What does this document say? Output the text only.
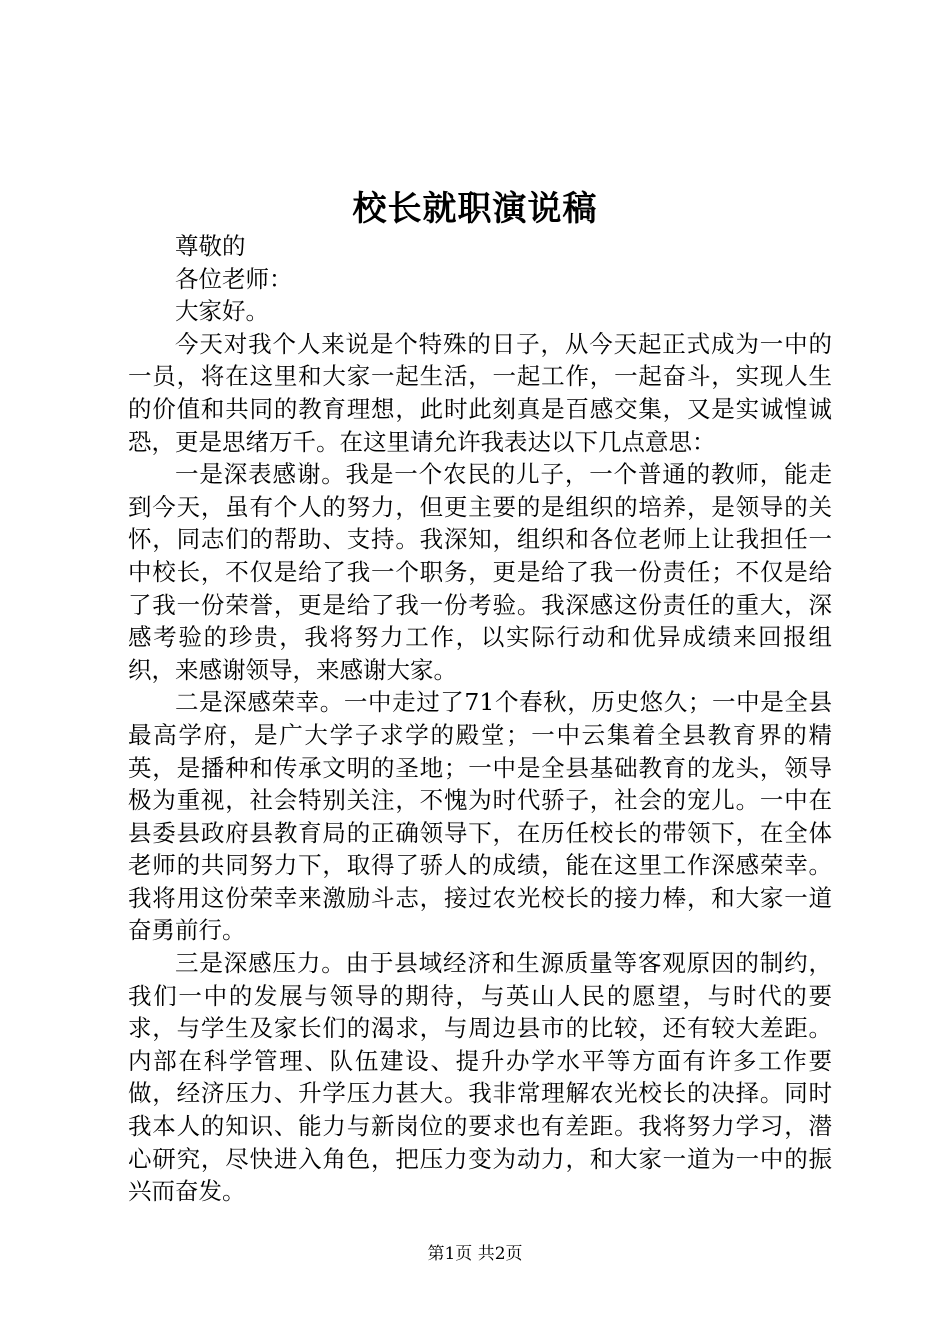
校长就职演说稿

尊敬的

各位老师：

大家好。

今天对我个人来说是个特殊的日子，从今天起正式成为一中的一员，将在这里和大家一起生活，一起工作，一起奋斗，实现人生的价值和共同的教育理想，此时此刻真是百感交集，又是实诚惶诚恐，更是思绪万千。在这里请允许我表达以下几点意思：

一是深表感谢。我是一个农民的儿子，一个普通的教师，能走到今天，虽有个人的努力，但更主要的是组织的培养，是领导的关怀，同志们的帮助、支持。我深知，组织和各位老师上让我担任一中校长，不仅是给了我一个职务，更是给了我一份责任；不仅是给了我一份荣誉，更是给了我一份考验。我深感这份责任的重大，深感考验的珍贵，我将努力工作，以实际行动和优异成绩来回报组织，来感谢领导，来感谢大家。

二是深感荣幸。一中走过了71个春秋，历史悠久；一中是全县最高学府，是广大学子求学的殿堂；一中云集着全县教育界的精英，是播种和传承文明的圣地；一中是全县基础教育的龙头，领导极为重视，社会特别关注，不愧为时代骄子，社会的宠儿。一中在县委县政府县教育局的正确领导下，在历任校长的带领下，在全体老师的共同努力下，取得了骄人的成绩，能在这里工作深感荣幸。我将用这份荣幸来激励斗志，接过农光校长的接力棒，和大家一道奋勇前行。

三是深感压力。由于县域经济和生源质量等客观原因的制约，我们一中的发展与领导的期待，与英山人民的愿望，与时代的要求，与学生及家长们的渴求，与周边县市的比较，还有较大差距。内部在科学管理、队伍建设、提升办学水平等方面有许多工作要做，经济压力、升学压力甚大。我非常理解农光校长的决择。同时我本人的知识、能力与新岗位的要求也有差距。我将努力学习，潜心研究，尽快进入角色，把压力变为动力，和大家一道为一中的振兴而奋发。

第1页 共2页
